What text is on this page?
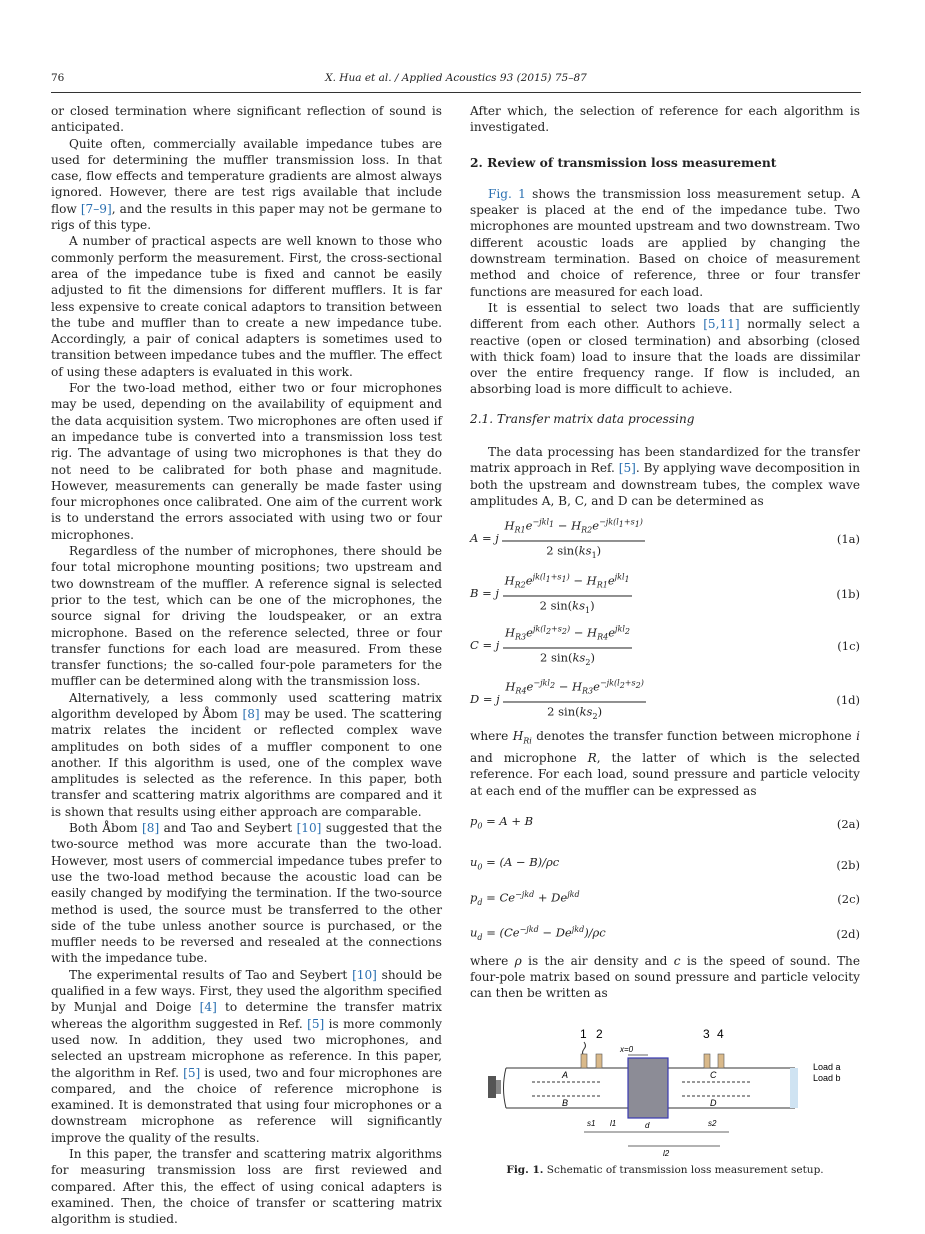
76	X. Hua et al. / Applied Acoustics 93 (2015) 75–87

or closed termination where significant reflection of sound is anticipated.

Quite often, commercially available impedance tubes are used for determining the muffler transmission loss. In that case, flow effects and temperature gradients are almost always ignored. However, there are test rigs available that include flow [7–9], and the results in this paper may not be germane to rigs of this type.

A number of practical aspects are well known to those who commonly perform the measurement. First, the cross-sectional area of the impedance tube is fixed and cannot be easily adjusted to fit the dimensions for different mufflers. It is far less expensive to create conical adaptors to transition between the tube and muffler than to create a new impedance tube. Accordingly, a pair of conical adapters is sometimes used to transition between impedance tubes and the muffler. The effect of using these adapters is evaluated in this work.

For the two-load method, either two or four microphones may be used, depending on the availability of equipment and the data acquisition system. Two microphones are often used if an impedance tube is converted into a transmission loss test rig. The advantage of using two microphones is that they do not need to be calibrated for both phase and magnitude. However, measurements can generally be made faster using four microphones once calibrated. One aim of the current work is to understand the errors associated with using two or four microphones.

Regardless of the number of microphones, there should be four total microphone mounting positions; two upstream and two downstream of the muffler. A reference signal is selected prior to the test, which can be one of the microphones, the source signal for driving the loudspeaker, or an extra microphone. Based on the reference selected, three or four transfer functions for each load are measured. From these transfer functions; the so-called four-pole parameters for the muffler can be determined along with the transmission loss.

Alternatively, a less commonly used scattering matrix algorithm developed by Åbom [8] may be used. The scattering matrix relates the incident or reflected complex wave amplitudes on both sides of a muffler component to one another. If this algorithm is used, one of the complex wave amplitudes is selected as the reference. In this paper, both transfer and scattering matrix algorithms are compared and it is shown that results using either approach are comparable.

Both Åbom [8] and Tao and Seybert [10] suggested that the two-source method was more accurate than the two-load. However, most users of commercial impedance tubes prefer to use the two-load method because the acoustic load can be easily changed by modifying the termination. If the two-source method is used, the source must be transferred to the other side of the tube unless another source is purchased, or the muffler needs to be reversed and resealed at the connections with the impedance tube.

The experimental results of Tao and Seybert [10] should be qualified in a few ways. First, they used the algorithm specified by Munjal and Doige [4] to determine the transfer matrix whereas the algorithm suggested in Ref. [5] is more commonly used now. In addition, they used two microphones, and selected an upstream microphone as reference. In this paper, the algorithm in Ref. [5] is used, two and four microphones are compared, and the choice of reference microphone is examined. It is demonstrated that using four microphones or a downstream microphone as reference will significantly improve the quality of the results.

In this paper, the transfer and scattering matrix algorithms for measuring transmission loss are first reviewed and compared. After this, the effect of using conical adapters is examined. Then, the choice of transfer or scattering matrix algorithm is studied.

After which, the selection of reference for each algorithm is investigated.

2. Review of transmission loss measurement

Fig. 1 shows the transmission loss measurement setup. A speaker is placed at the end of the impedance tube. Two microphones are mounted upstream and two downstream. Two different acoustic loads are applied by changing the downstream termination. Based on choice of measurement method and choice of reference, three or four transfer functions are measured for each load.

It is essential to select two loads that are sufficiently different from each other. Authors [5,11] normally select a reactive (open or closed termination) and absorbing (closed with thick foam) load to insure that the loads are dissimilar over the entire frequency range. If flow is included, an absorbing load is more difficult to achieve.

2.1. Transfer matrix data processing

The data processing has been standardized for the transfer matrix approach in Ref. [5]. By applying wave decomposition in both the upstream and downstream tubes, the complex wave amplitudes A, B, C, and D can be determined as

A = j $\frac{H_{R1}e^{-jkl_1} - H_{R2}e^{-jk(l_1+s_1)}}{2 \sin(ks_1)}$	(1a)
B = j $\frac{H_{R2}e^{jk(l_1+s_1)} - H_{R1}e^{jkl_1}}{2 \sin(ks_1)}$	(1b)
C = j $\frac{H_{R3}e^{jk(l_2+s_2)} - H_{R4}e^{jkl_2}}{2 \sin(ks_2)}$	(1c)
D = j $\frac{H_{R4}e^{-jkl_2} - H_{R3}e^{-jk(l_2+s_2)}}{2 \sin(ks_2)}$	(1d)

where $H_{Ri}$ denotes the transfer function between microphone i and microphone R, the latter of which is the selected reference. For each load, sound pressure and particle velocity at each end of the muffler can be expressed as

$p_0 = A + B$	(2a)
$u_0 = (A - B)/\rho c$	(2b)
$p_d = Ce^{-jkd} + De^{jkd}$	(2c)
$u_d = (Ce^{-jkd} - De^{jkd})/\rho c$	(2d)

where ρ is the air density and c is the speed of sound. The four-pole matrix based on sound pressure and particle velocity can then be written as

1 2	3 4
x=0
A
B
C
D
Load a
Load b
s1 l1	d	s2
l2
Fig. 1. Schematic of transmission loss measurement setup.
